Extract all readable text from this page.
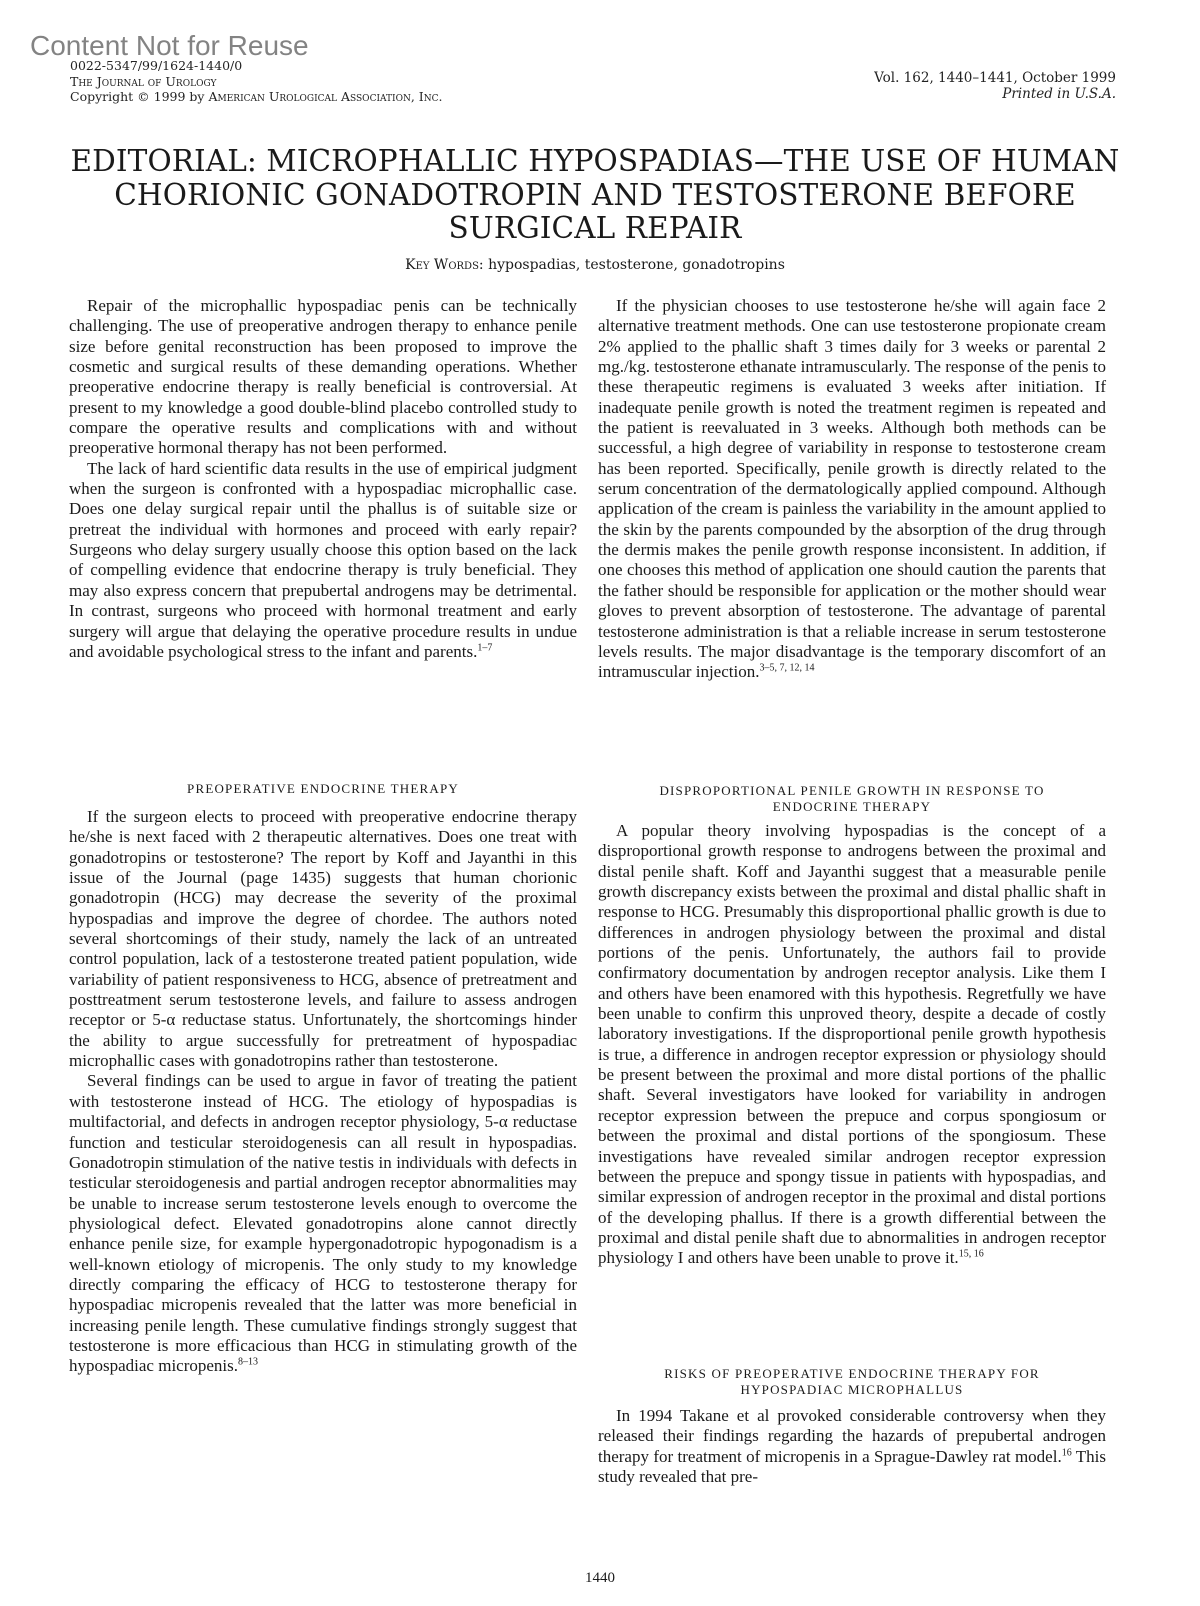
Content Not for Reuse
0022-5347/99/1624-1440/0
The Journal of Urology
Copyright © 1999 by American Urological Association, Inc.
Vol. 162, 1440–1441, October 1999
Printed in U.S.A.
EDITORIAL: MICROPHALLIC HYPOSPADIAS—THE USE OF HUMAN
CHORIONIC GONADOTROPIN AND TESTOSTERONE BEFORE
SURGICAL REPAIR
Key Words: hypospadias, testosterone, gonadotropins

Repair of the microphallic hypospadiac penis can be technically challenging. The use of preoperative androgen therapy to enhance penile size before genital reconstruction has been proposed to improve the cosmetic and surgical results of these demanding operations. Whether preoperative endocrine therapy is really beneficial is controversial. At present to my knowledge a good double-blind placebo controlled study to compare the operative results and complications with and without preoperative hormonal therapy has not been performed.

The lack of hard scientific data results in the use of empirical judgment when the surgeon is confronted with a hypospadiac microphallic case. Does one delay surgical repair until the phallus is of suitable size or pretreat the individual with hormones and proceed with early repair? Surgeons who delay surgery usually choose this option based on the lack of compelling evidence that endocrine therapy is truly beneficial. They may also express concern that prepubertal androgens may be detrimental. In contrast, surgeons who proceed with hormonal treatment and early surgery will argue that delaying the operative procedure results in undue and avoidable psychological stress to the infant and parents.$^{1-7}$

PREOPERATIVE ENDOCRINE THERAPY

If the surgeon elects to proceed with preoperative endocrine therapy he/she is next faced with 2 therapeutic alternatives. Does one treat with gonadotropins or testosterone? The report by Koff and Jayanthi in this issue of the Journal (page 1435) suggests that human chorionic gonadotropin (HCG) may decrease the severity of the proximal hypospadias and improve the degree of chordee. The authors noted several shortcomings of their study, namely the lack of an untreated control population, lack of a testosterone treated patient population, wide variability of patient responsiveness to HCG, absence of pretreatment and posttreatment serum testosterone levels, and failure to assess androgen receptor or 5-α reductase status. Unfortunately, the shortcomings hinder the ability to argue successfully for pretreatment of hypospadiac microphallic cases with gonadotropins rather than testosterone.

Several findings can be used to argue in favor of treating the patient with testosterone instead of HCG. The etiology of hypospadias is multifactorial, and defects in androgen receptor physiology, 5-α reductase function and testicular steroidogenesis can all result in hypospadias. Gonadotropin stimulation of the native testis in individuals with defects in testicular steroidogenesis and partial androgen receptor abnormalities may be unable to increase serum testosterone levels enough to overcome the physiological defect. Elevated gonadotropins alone cannot directly enhance penile size, for example hypergonadotropic hypogonadism is a well-known etiology of micropenis. The only study to my knowledge directly comparing the efficacy of HCG to testosterone therapy for hypospadiac micropenis revealed that the latter was more beneficial in increasing penile length. These cumulative findings strongly suggest that testosterone is more efficacious than HCG in stimulating growth of the hypospadiac micropenis.$^{8-13}$

If the physician chooses to use testosterone he/she will again face 2 alternative treatment methods. One can use testosterone propionate cream 2% applied to the phallic shaft 3 times daily for 3 weeks or parental 2 mg./kg. testosterone ethanate intramuscularly. The response of the penis to these therapeutic regimens is evaluated 3 weeks after initiation. If inadequate penile growth is noted the treatment regimen is repeated and the patient is reevaluated in 3 weeks. Although both methods can be successful, a high degree of variability in response to testosterone cream has been reported. Specifically, penile growth is directly related to the serum concentration of the dermatologically applied compound. Although application of the cream is painless the variability in the amount applied to the skin by the parents compounded by the absorption of the drug through the dermis makes the penile growth response inconsistent. In addition, if one chooses this method of application one should caution the parents that the father should be responsible for application or the mother should wear gloves to prevent absorption of testosterone. The advantage of parental testosterone administration is that a reliable increase in serum testosterone levels results. The major disadvantage is the temporary discomfort of an intramuscular injection.$^{3-5, 7, 12, 14}$

DISPROPORTIONAL PENILE GROWTH IN RESPONSE TO
ENDOCRINE THERAPY

A popular theory involving hypospadias is the concept of a disproportional growth response to androgens between the proximal and distal penile shaft. Koff and Jayanthi suggest that a measurable penile growth discrepancy exists between the proximal and distal phallic shaft in response to HCG. Presumably this disproportional phallic growth is due to differences in androgen physiology between the proximal and distal portions of the penis. Unfortunately, the authors fail to provide confirmatory documentation by androgen receptor analysis. Like them I and others have been enamored with this hypothesis. Regretfully we have been unable to confirm this unproved theory, despite a decade of costly laboratory investigations. If the disproportional penile growth hypothesis is true, a difference in androgen receptor expression or physiology should be present between the proximal and more distal portions of the phallic shaft. Several investigators have looked for variability in androgen receptor expression between the prepuce and corpus spongiosum or between the proximal and distal portions of the spongiosum. These investigations have revealed similar androgen receptor expression between the prepuce and spongy tissue in patients with hypospadias, and similar expression of androgen receptor in the proximal and distal portions of the developing phallus. If there is a growth differential between the proximal and distal penile shaft due to abnormalities in androgen receptor physiology I and others have been unable to prove it.$^{15, 16}$

RISKS OF PREOPERATIVE ENDOCRINE THERAPY FOR
HYPOSPADIAC MICROPHALLUS

In 1994 Takane et al provoked considerable controversy when they released their findings regarding the hazards of prepubertal androgen therapy for treatment of micropenis in a Sprague-Dawley rat model.$^{16}$ This study revealed that pre-

1440
